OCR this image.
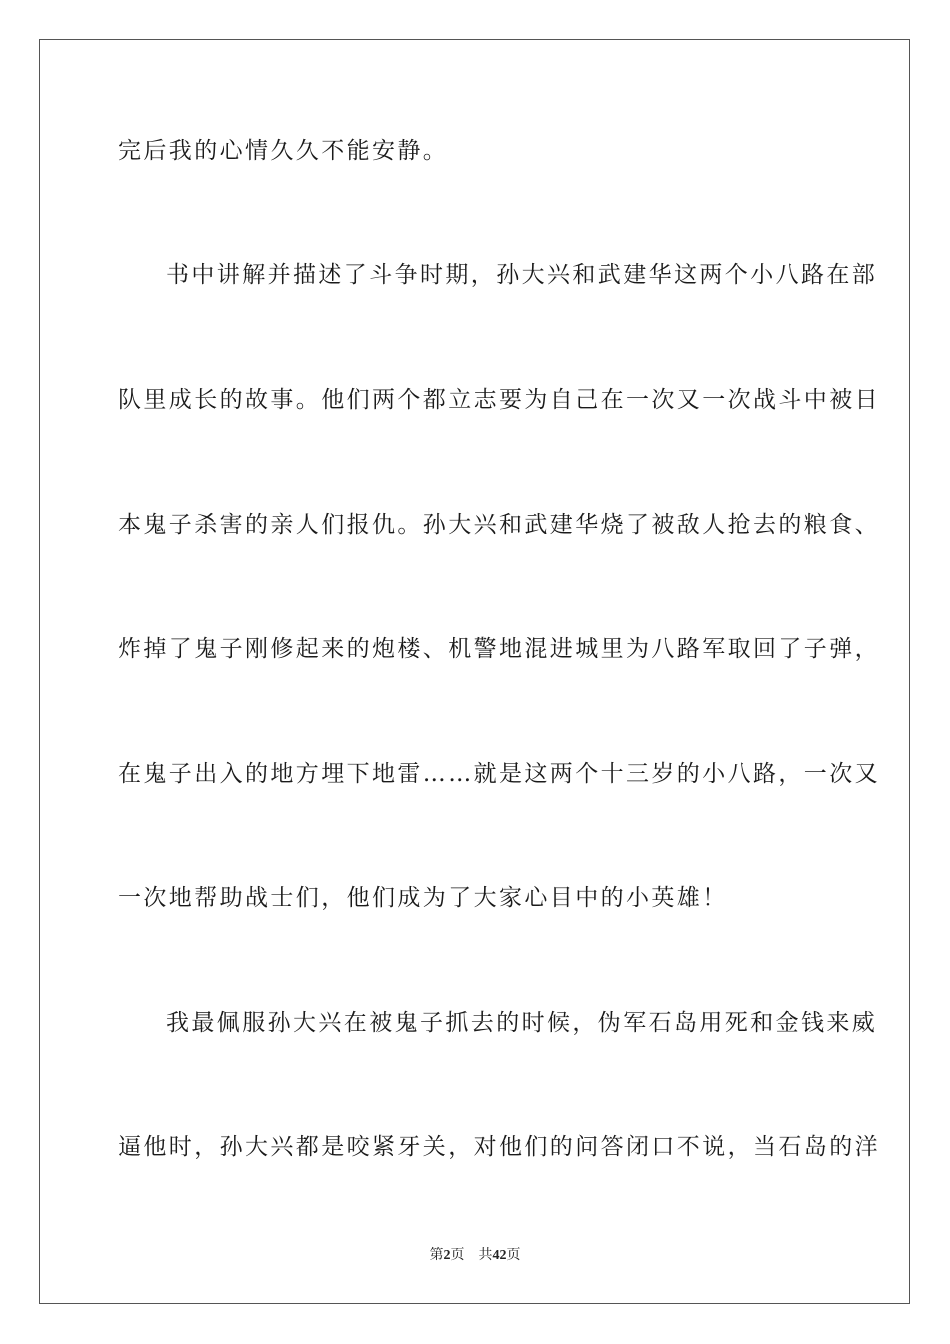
完后我的心情久久不能安静。
书中讲解并描述了斗争时期，孙大兴和武建华这两个小八路在部
队里成长的故事。他们两个都立志要为自己在一次又一次战斗中被日
本鬼子杀害的亲人们报仇。孙大兴和武建华烧了被敌人抢去的粮食、
炸掉了鬼子刚修起来的炮楼、机警地混进城里为八路军取回了子弹，
在鬼子出入的地方埋下地雷……就是这两个十三岁的小八路，一次又
一次地帮助战士们，他们成为了大家心目中的小英雄！
我最佩服孙大兴在被鬼子抓去的时候，伪军石岛用死和金钱来威
逼他时，孙大兴都是咬紧牙关，对他们的问答闭口不说，当石岛的洋
第2页 共42页
